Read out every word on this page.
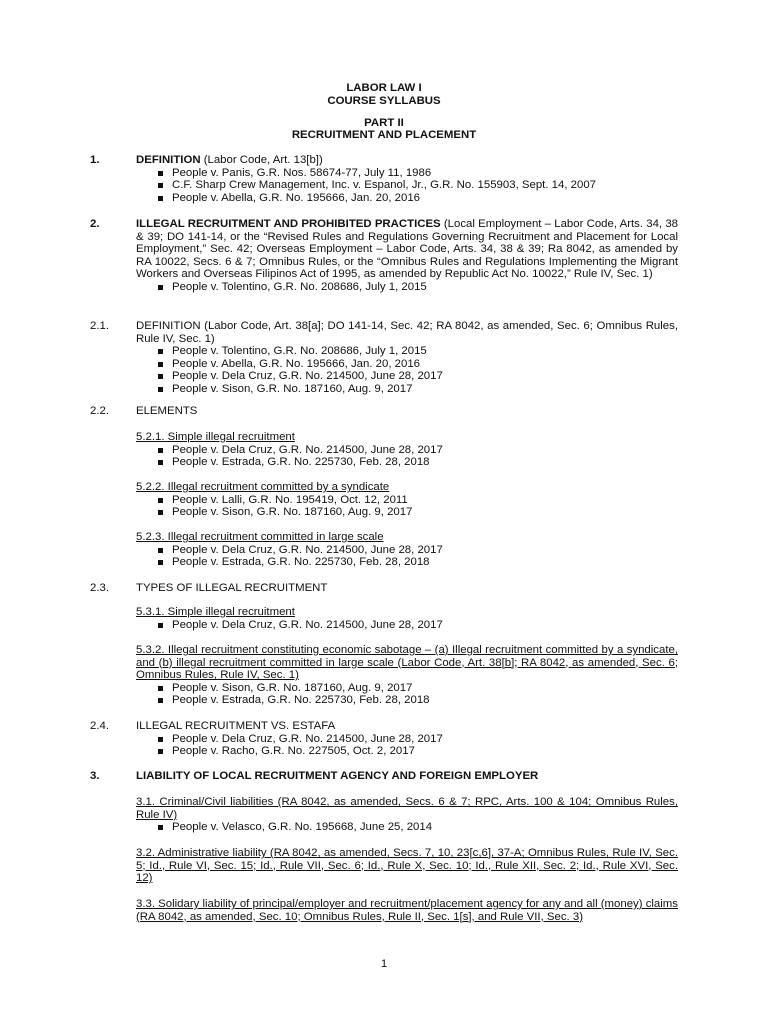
LABOR LAW I
COURSE SYLLABUS
PART II
RECRUITMENT AND PLACEMENT
1.	DEFINITION (Labor Code, Art. 13[b])
People v. Panis, G.R. Nos. 58674-77, July 11, 1986
C.F. Sharp Crew Management, Inc. v. Espanol, Jr., G.R. No. 155903, Sept. 14, 2007
People v. Abella, G.R. No. 195666, Jan. 20, 2016
2.	ILLEGAL RECRUITMENT AND PROHIBITED PRACTICES (Local Employment – Labor Code, Arts. 34, 38 & 39; DO 141-14, or the “Revised Rules and Regulations Governing Recruitment and Placement for Local Employment,” Sec. 42; Overseas Employment – Labor Code, Arts. 34, 38 & 39; Ra 8042, as amended by RA 10022, Secs. 6 & 7; Omnibus Rules, or the “Omnibus Rules and Regulations Implementing the Migrant Workers and Overseas Filipinos Act of 1995, as amended by Republic Act No. 10022,” Rule IV, Sec. 1)
People v. Tolentino, G.R. No. 208686, July 1, 2015
2.1.	DEFINITION (Labor Code, Art. 38[a]; DO 141-14, Sec. 42; RA 8042, as amended, Sec. 6; Omnibus Rules, Rule IV, Sec. 1)
People v. Tolentino, G.R. No. 208686, July 1, 2015
People v. Abella, G.R. No. 195666, Jan. 20, 2016
People v. Dela Cruz, G.R. No. 214500, June 28, 2017
People v. Sison, G.R. No. 187160, Aug. 9, 2017
2.2.	ELEMENTS
5.2.1. Simple illegal recruitment
People v. Dela Cruz, G.R. No. 214500, June 28, 2017
People v. Estrada, G.R. No. 225730, Feb. 28, 2018
5.2.2. Illegal recruitment committed by a syndicate
People v. Lalli, G.R. No. 195419, Oct. 12, 2011
People v. Sison, G.R. No. 187160, Aug. 9, 2017
5.2.3. Illegal recruitment committed in large scale
People v. Dela Cruz, G.R. No. 214500, June 28, 2017
People v. Estrada, G.R. No. 225730, Feb. 28, 2018
2.3.	TYPES OF ILLEGAL RECRUITMENT
5.3.1. Simple illegal recruitment
People v. Dela Cruz, G.R. No. 214500, June 28, 2017
5.3.2. Illegal recruitment constituting economic sabotage – (a) Illegal recruitment committed by a syndicate, and (b) illegal recruitment committed in large scale (Labor Code, Art. 38[b]; RA 8042, as amended, Sec. 6; Omnibus Rules, Rule IV, Sec. 1)
People v. Sison, G.R. No. 187160, Aug. 9, 2017
People v. Estrada, G.R. No. 225730, Feb. 28, 2018
2.4.	ILLEGAL RECRUITMENT VS. ESTAFA
People v. Dela Cruz, G.R. No. 214500, June 28, 2017
People v. Racho, G.R. No. 227505, Oct. 2, 2017
3.	LIABILITY OF LOCAL RECRUITMENT AGENCY AND FOREIGN EMPLOYER
3.1. Criminal/Civil liabilities (RA 8042, as amended, Secs. 6 & 7; RPC, Arts. 100 & 104; Omnibus Rules, Rule IV)
People v. Velasco, G.R. No. 195668, June 25, 2014
3.2. Administrative liability (RA 8042, as amended, Secs. 7, 10, 23[c,6], 37-A; Omnibus Rules, Rule IV, Sec. 5; Id., Rule VI, Sec. 15; Id., Rule VII, Sec. 6; Id., Rule X, Sec. 10; Id., Rule XII, Sec. 2; Id., Rule XVI, Sec. 12)
3.3. Solidary liability of principal/employer and recruitment/placement agency for any and all (money) claims (RA 8042, as amended, Sec. 10; Omnibus Rules, Rule II, Sec. 1[s], and Rule VII, Sec. 3)
1
